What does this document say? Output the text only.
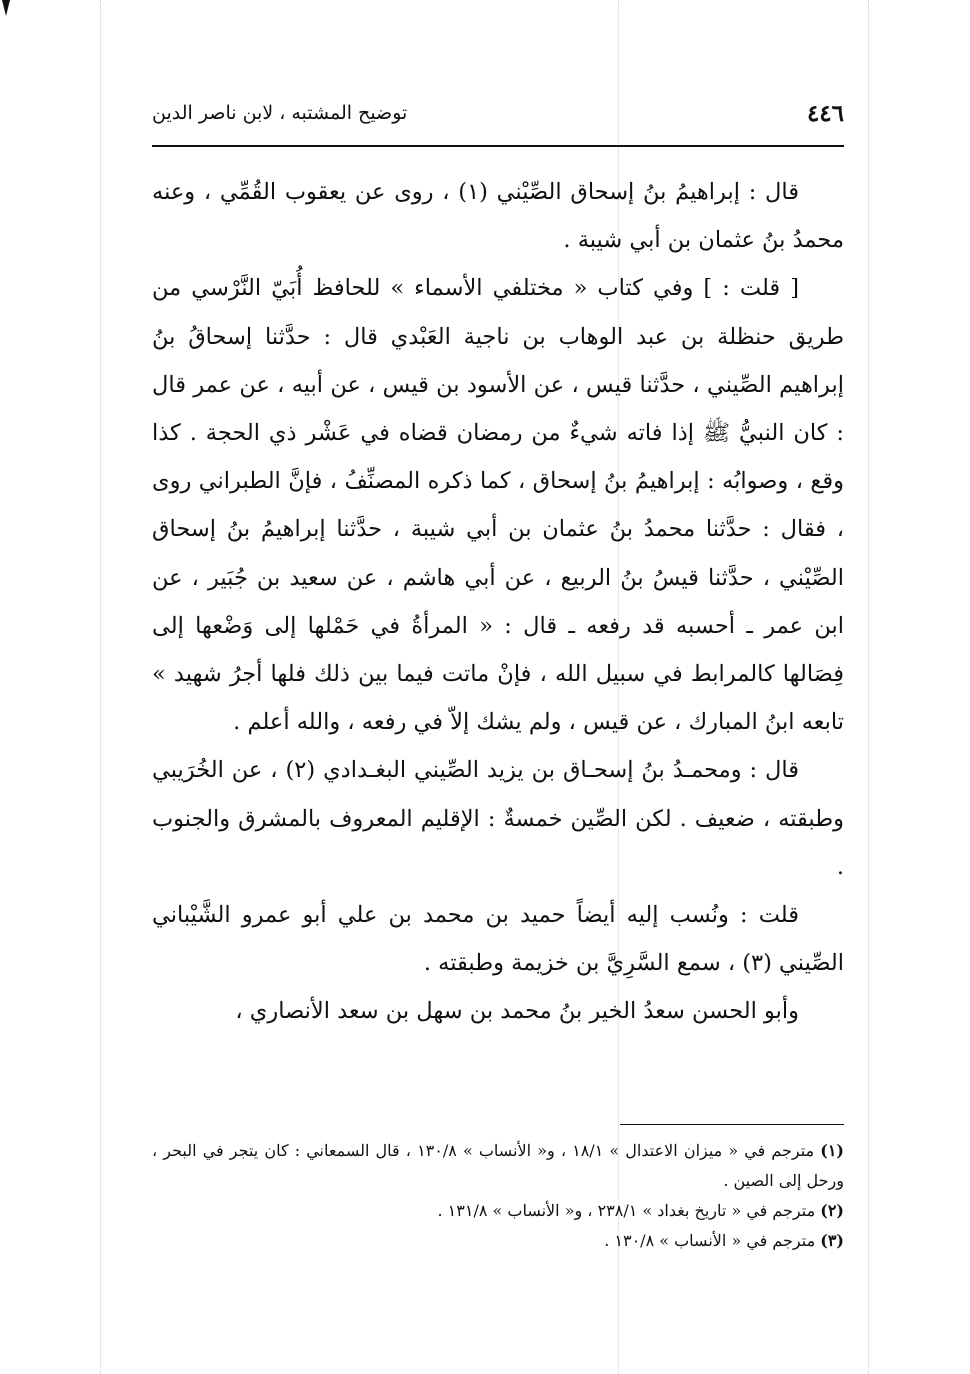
٤٤٦
توضيح المشتبه ، لابن ناصر الدين

قال : إبراهيمُ بنُ إسحاق الصِّيْني (١) ، روى عن يعقوب القُمِّي ، وعنه محمدُ بنُ عثمان بن أبي شيبة .

[ قلت : ] وفي كتاب « مختلفي الأسماء » للحافظ أُبَيّ النَّرْسي من طريق حنظلة بن عبد الوهاب بن ناجية العَبْدي قال : حدَّثنا إسحاقُ بنُ إبراهيم الصِّيني ، حدَّثنا قيس ، عن الأسود بن قيس ، عن أبيه ، عن عمر قال : كان النبيُّ ﷺ إذا فاته شيءٌ من رمضان قضاه في عَشْر ذي الحجة . كذا وقع ، وصوابُه : إبراهيمُ بنُ إسحاق ، كما ذكره المصنِّفُ ، فإنَّ الطبراني روى ، فقال : حدَّثنا محمدُ بنُ عثمان بن أبي شيبة ، حدَّثنا إبراهيمُ بنُ إسحاق الصِّيْني ، حدَّثنا قيسُ بنُ الربيع ، عن أبي هاشم ، عن سعيد بن جُبَير ، عن ابن عمر ـ أحسبه قد رفعه ـ قال : « المرأةُ في حَمْلها إلى وَضْعها إلى فِصَالها كالمرابط في سبيل الله ، فإنْ ماتت فيما بين ذلك فلها أجرُ شهيد » تابعه ابنُ المبارك ، عن قيس ، ولم يشك إلاّ في رفعه ، والله أعلم .

قال : ومحمـدُ بنُ إسحـاق بن يزيد الصِّيني البغـدادي (٢) ، عن الخُرَيبي وطبقته ، ضعيف . لكن الصِّين خمسةٌ : الإقليم المعروف بالمشرق والجنوب .

قلت : ونُسب إليه أيضاً حميد بن محمد بن علي أبو عمرو الشَّيْباني الصِّيني (٣) ، سمع السَّرِيَّ بن خزيمة وطبقته .

وأبو الحسن سعدُ الخير بنُ محمد بن سهل بن سعد الأنصاري ،

(١) مترجم في « ميزان الاعتدال » ١٨/١ ، و« الأنساب » ١٣٠/٨ ، قال السمعاني : كان يتجر في البحر ، ورحل إلى الصين .

(٢) مترجم في « تاريخ بغداد » ٢٣٨/١ ، و« الأنساب » ١٣١/٨ .

(٣) مترجم في « الأنساب » ١٣٠/٨ .
